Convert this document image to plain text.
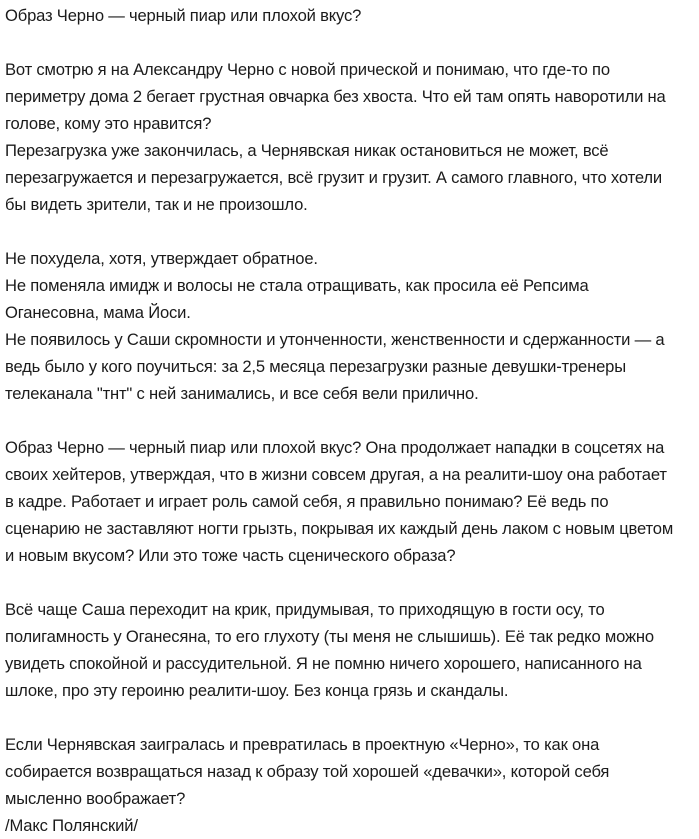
Образ Черно — черный пиар или плохой вкус?

Вот смотрю я на Александру Черно с новой прической и понимаю, что где-то по периметру дома 2 бегает грустная овчарка без хвоста. Что ей там опять наворотили на голове, кому это нравится?

Перезагрузка уже закончилась, а Чернявская никак остановиться не может, всё перезагружается и перезагружается, всё грузит и грузит. А самого главного, что хотели бы видеть зрители, так и не произошло.

Не похудела, хотя, утверждает обратное.

Не поменяла имидж и волосы не стала отращивать, как просила её Репсима Оганесовна, мама Йоси.

Не появилось у Саши скромности и утонченности, женственности и сдержанности — а ведь было у кого поучиться: за 2,5 месяца перезагрузки разные девушки-тренеры телеканала "тнт" с ней занимались, и все себя вели прилично.

Образ Черно — черный пиар или плохой вкус? Она продолжает нападки в соцсетях на своих хейтеров, утверждая, что в жизни совсем другая, а на реалити-шоу она работает в кадре. Работает и играет роль самой себя, я правильно понимаю? Её ведь по сценарию не заставляют ногти грызть, покрывая их каждый день лаком с новым цветом и новым вкусом? Или это тоже часть сценического образа?

Всё чаще Саша переходит на крик, придумывая, то приходящую в гости осу, то полигамность у Оганесяна, то его глухоту (ты меня не слышишь). Её так редко можно увидеть спокойной и рассудительной. Я не помню ничего хорошего, написанного на шлоке, про эту героиню реалити-шоу. Без конца грязь и скандалы.

Если Чернявская заигралась и превратилась в проектную «Черно», то как она собирается возвращаться назад к образу той хорошей «девачки», которой себя мысленно воображает?

/Макс Полянский/
